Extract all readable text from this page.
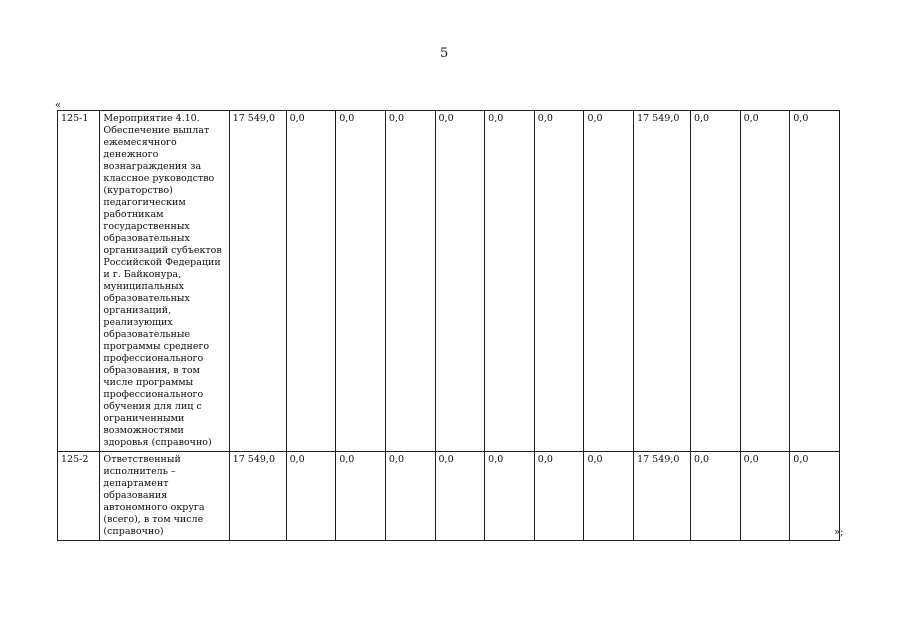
5
«
125-1	Мероприятие 4.10. Обеспечение выплат ежемесячного денежного вознаграждения за классное руководство (кураторство) педагогическим работникам государственных образовательных организаций субъектов Российской Федерации и г. Байконура, муниципальных образовательных организаций, реализующих образовательные программы среднего профессионального образования, в том числе программы профессионального обучения для лиц с ограниченными возможностями здоровья (справочно)	17 549,0	0,0	0,0	0,0	0,0	0,0	0,0	0,0	17 549,0	0,0	0,0	0,0
125-2	Ответственный исполнитель – департамент образования автономного округа (всего), в том числе (справочно)	17 549,0	0,0	0,0	0,0	0,0	0,0	0,0	0,0	17 549,0	0,0	0,0	0,0
»;
